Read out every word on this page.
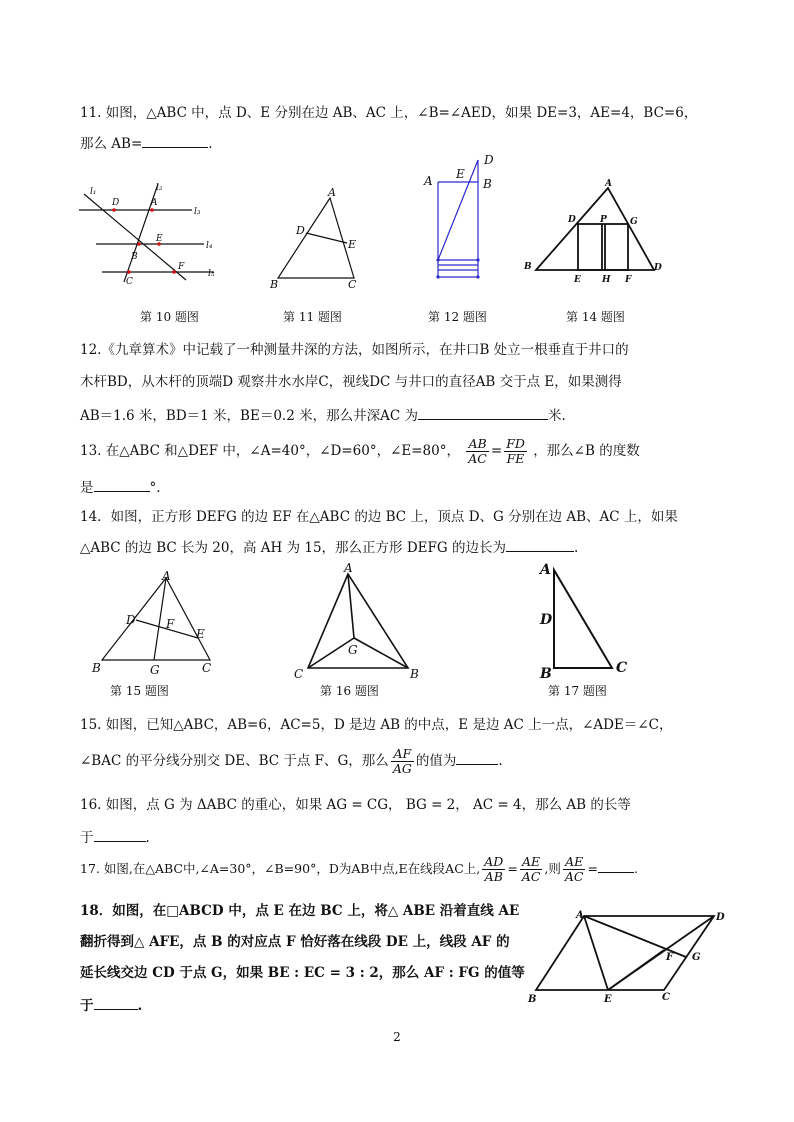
11. 如图，△ABC 中，点 D、E 分别在边 AB、AC 上，∠B=∠AED，如果 DE=3，AE=4，BC=6，
那么 AB=	.
l₁	l₂
l₃
l₄
l₅
D	A
E
B
F
C
第 10 题图
A
D
E
B	C
第 11 题图
A E
B
D
第 12 题图
A
D	P	G
B
E H F
D
第 14 题图
12.《九章算术》中记载了一种测量井深的方法，如图所示，在井口B 处立一根垂直于井口的
木杆BD，从木杆的顶端D 观察井水水岸C，视线DC 与井口的直径AB 交于点 E，如果测得
AB＝1.6 米，BD＝1 米，BE＝0.2 米，那么井深AC 为	米.
13. 在△ABC 和△DEF 中，∠A=40°，∠D=60°，∠E=80°， $\frac{AB}{AC} = \frac{FD}{FE}$ ，那么∠B 的度数
是	°.
14．如图，正方形 DEFG 的边 EF 在△ABC 的边 BC 上，顶点 D、G 分别在边 AB、AC 上，如果
△ABC 的边 BC 长为 20，高 AH 为 15，那么正方形 DEFG 的边长为	.
A
D	F
E
B	G	C
第 15 题图
A
G
C	B
第 16 题图
A
D
B	C
第 17 题图
15. 如图，已知△ABC，AB=6，AC=5，D 是边 AB 的中点，E 是边 AC 上一点，∠ADE＝∠C，
∠BAC 的平分线分别交 DE、BC 于点 F、G，那么 $\frac{AF}{AG}$ 的值为	.
16. 如图，点 G 为 ΔABC 的重心，如果 AG = CG， BG = 2， AC = 4，那么 AB 的长等
于	.
17. 如图,在△ABC中,∠A=30°，∠B=90°，D为AB中点,E在线段AC上, $\frac{AD}{AB} = \frac{AE}{AC}$ ,则 $\frac{AE}{AC}$ =	.
18．如图，在□ABCD 中，点 E 在边 BC 上，将△ ABE 沿着直线 AE
翻折得到△ AFE，点 B 的对应点 F 恰好落在线段 DE 上，线段 AF 的
延长线交边 CD 于点 G，如果 BE : EC = 3 : 2，那么 AF : FG 的值等
于	.
A	D
F G
B	E	C
2
